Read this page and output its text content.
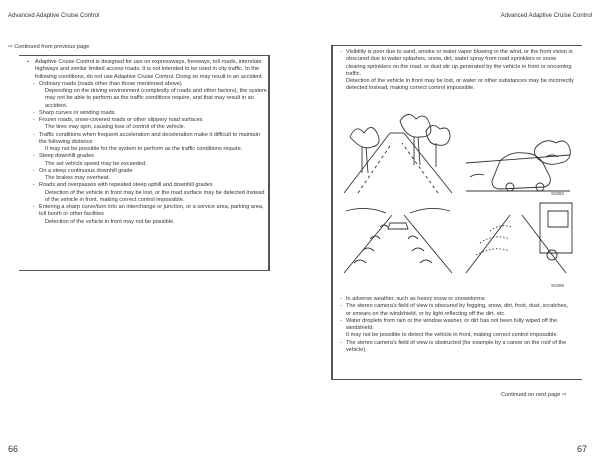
Advanced Adaptive Cruise Control	Advanced Adaptive Cruise Control
⇨ Continued from previous page
• Adaptive Cruise Control is designed for use on expressways, freeways, toll roads, interstate highways and similar limited access roads. It is not intended to be used in city traffic. In the following conditions, do not use Adaptive Cruise Control. Doing so may result in an accident.
- Ordinary roads (roads other than those mentioned above)
Depending on the driving environment (complexity of roads and other factors), the system may not be able to perform as the traffic conditions require, and that may result in an accident.
- Sharp curves or winding roads
- Frozen roads, snow-covered roads or other slippery road surfaces
The tires may spin, causing loss of control of the vehicle.
- Traffic conditions when frequent acceleration and deceleration make it difficult to maintain the following distance
It may not be possible for the system to perform as the traffic conditions require.
- Steep downhill grades
The set vehicle speed may be exceeded.
- On a steep continuous downhill grade
The brakes may overheat.
- Roads and overpasses with repeated steep uphill and downhill grades
Detection of the vehicle in front may be lost, or the road surface may be detected instead of the vehicle in front, making correct control impossible.
- Entering a sharp curve/turn into an interchange or junction, or a service area, parking area, toll booth or other facilities
Detection of the vehicle in front may not be possible.
- Visibility is poor due to sand, smoke or water vapor blowing in the wind, or the front vision is obscured due to water splashes, snow, dirt, water spray from road sprinklers or snow clearing sprinklers on the road, or dust stir up generated by the vehicle in front or oncoming traffic.
Detection of the vehicle in front may be lost, or water or other substances may be incorrectly detected instead, making correct control impossible.
S0392
S0396
- In adverse weather, such as heavy snow or snowstorms
- The stereo camera's field of view is obscured by fogging, snow, dirt, frost, dust, scratches, or smears on the windshield, or by light reflecting off the dirt, etc.
- Water droplets from rain or the window washer, or dirt has not been fully wiped off the windshield.
It may not be possible to detect the vehicle in front, making correct control impossible.
- The stereo camera's field of view is obstructed (for example by a canoe on the roof of the vehicle).
Continued on next page ⇨
66	67
